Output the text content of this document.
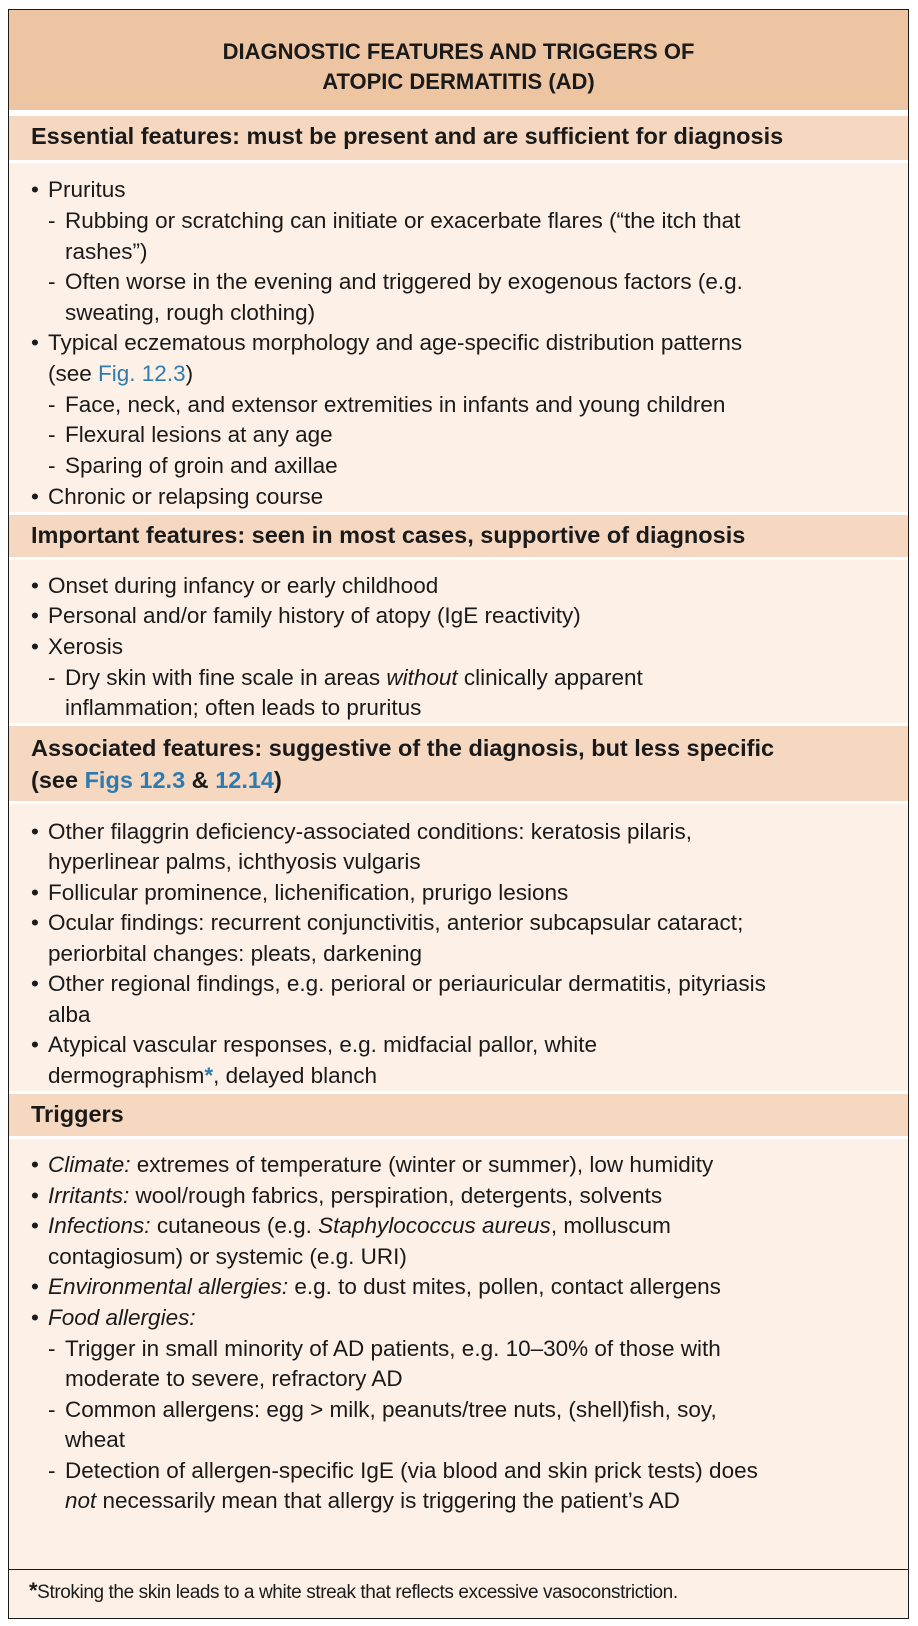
DIAGNOSTIC FEATURES AND TRIGGERS OF
ATOPIC DERMATITIS (AD)
Essential features: must be present and are sufficient for diagnosis
• Pruritus
- Rubbing or scratching can initiate or exacerbate flares (“the itch that
rashes”)
- Often worse in the evening and triggered by exogenous factors (e.g.
sweating, rough clothing)
• Typical eczematous morphology and age-specific distribution patterns
(see Fig. 12.3)
- Face, neck, and extensor extremities in infants and young children
- Flexural lesions at any age
- Sparing of groin and axillae
• Chronic or relapsing course
Important features: seen in most cases, supportive of diagnosis
• Onset during infancy or early childhood
• Personal and/or family history of atopy (IgE reactivity)
• Xerosis
- Dry skin with fine scale in areas without clinically apparent
inflammation; often leads to pruritus
Associated features: suggestive of the diagnosis, but less specific
(see Figs 12.3 & 12.14)
• Other filaggrin deficiency-associated conditions: keratosis pilaris,
hyperlinear palms, ichthyosis vulgaris
• Follicular prominence, lichenification, prurigo lesions
• Ocular findings: recurrent conjunctivitis, anterior subcapsular cataract;
periorbital changes: pleats, darkening
• Other regional findings, e.g. perioral or periauricular dermatitis, pityriasis
alba
• Atypical vascular responses, e.g. midfacial pallor, white
dermographism*, delayed blanch
Triggers
• Climate: extremes of temperature (winter or summer), low humidity
• Irritants: wool/rough fabrics, perspiration, detergents, solvents
• Infections: cutaneous (e.g. Staphylococcus aureus, molluscum
contagiosum) or systemic (e.g. URI)
• Environmental allergies: e.g. to dust mites, pollen, contact allergens
• Food allergies:
- Trigger in small minority of AD patients, e.g. 10–30% of those with
moderate to severe, refractory AD
- Common allergens: egg > milk, peanuts/tree nuts, (shell)fish, soy,
wheat
- Detection of allergen-specific IgE (via blood and skin prick tests) does
not necessarily mean that allergy is triggering the patient’s AD
*Stroking the skin leads to a white streak that reflects excessive vasoconstriction.
